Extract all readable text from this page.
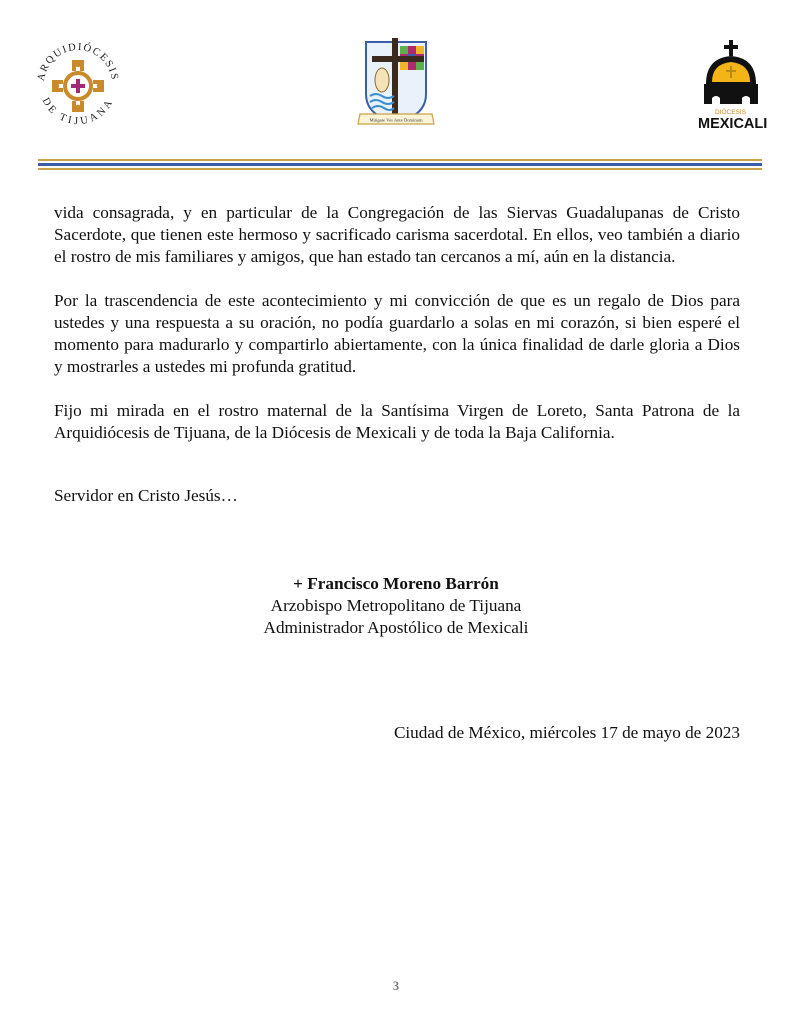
ARQUIDIÓCESIS
DE TIJUANA
Mitigate Vos Ante Dominum
DIÓCESIS
MEXICALI

vida consagrada, y en particular de la Congregación de las Siervas Guadalupanas de Cristo Sacerdote, que tienen este hermoso y sacrificado carisma sacerdotal. En ellos, veo también a diario el rostro de mis familiares y amigos, que han estado tan cercanos a mí, aún en la distancia.

Por la trascendencia de este acontecimiento y mi convicción de que es un regalo de Dios para ustedes y una respuesta a su oración, no podía guardarlo a solas en mi corazón, si bien esperé el momento para madurarlo y compartirlo abiertamente, con la única finalidad de darle gloria a Dios y mostrarles a ustedes mi profunda gratitud.

Fijo mi mirada en el rostro maternal de la Santísima Virgen de Loreto, Santa Patrona de la Arquidiócesis de Tijuana, de la Diócesis de Mexicali y de toda la Baja California.

Servidor en Cristo Jesús…

+ Francisco Moreno Barrón
Arzobispo Metropolitano de Tijuana
Administrador Apostólico de Mexicali

Ciudad de México, miércoles 17 de mayo de 2023

3
